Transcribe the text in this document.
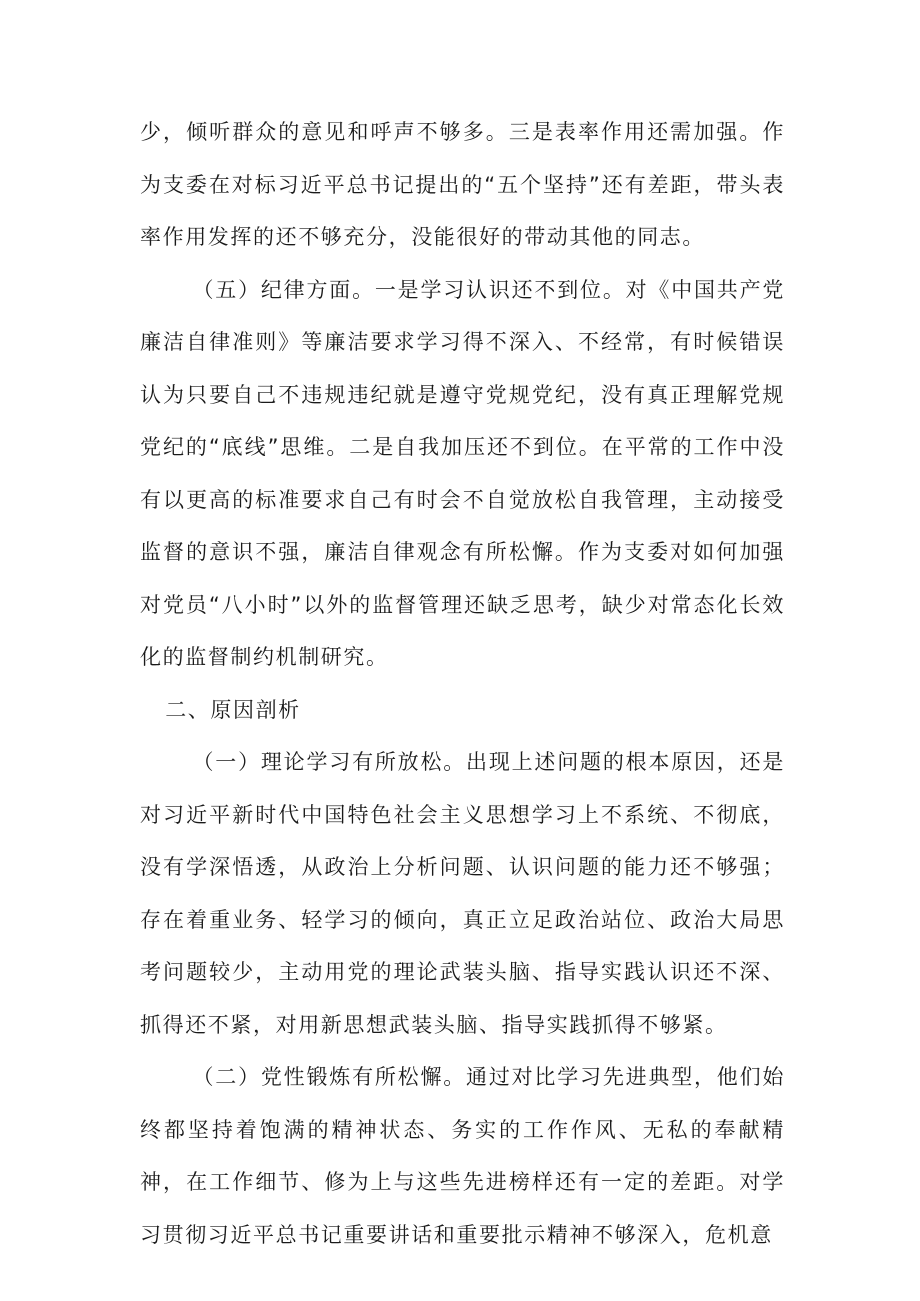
少，倾听群众的意见和呼声不够多。三是表率作用还需加强。作为支委在对标习近平总书记提出的“五个坚持”还有差距，带头表率作用发挥的还不够充分，没能很好的带动其他的同志。

（五）纪律方面。一是学习认识还不到位。对《中国共产党廉洁自律准则》等廉洁要求学习得不深入、不经常，有时候错误认为只要自己不违规违纪就是遵守党规党纪，没有真正理解党规党纪的“底线”思维。二是自我加压还不到位。在平常的工作中没有以更高的标准要求自己有时会不自觉放松自我管理，主动接受监督的意识不强，廉洁自律观念有所松懈。作为支委对如何加强对党员“八小时”以外的监督管理还缺乏思考，缺少对常态化长效化的监督制约机制研究。

二、原因剖析

（一）理论学习有所放松。出现上述问题的根本原因，还是对习近平新时代中国特色社会主义思想学习上不系统、不彻底，没有学深悟透，从政治上分析问题、认识问题的能力还不够强；存在着重业务、轻学习的倾向，真正立足政治站位、政治大局思考问题较少，主动用党的理论武装头脑、指导实践认识还不深、抓得还不紧，对用新思想武装头脑、指导实践抓得不够紧。

（二）党性锻炼有所松懈。通过对比学习先进典型，他们始终都坚持着饱满的精神状态、务实的工作作风、无私的奉献精神，在工作细节、修为上与这些先进榜样还有一定的差距。对学习贯彻习近平总书记重要讲话和重要批示精神不够深入，危机意
